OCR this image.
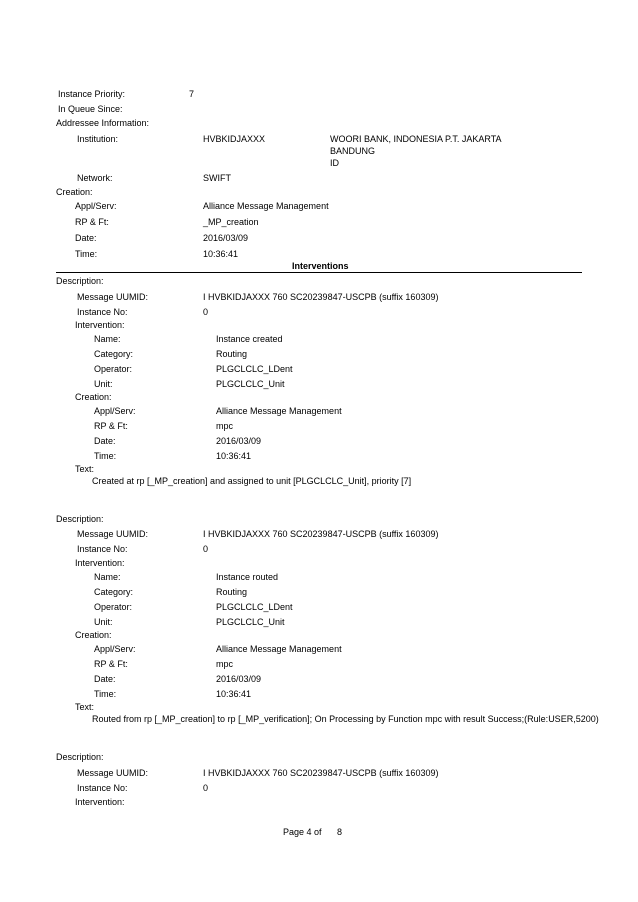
Instance Priority:	7
In Queue Since:
Addressee Information:
Institution:	HVBKIDJAXXX	WOORI BANK, INDONESIA P.T. JAKARTA
BANDUNG
ID
Network:	SWIFT
Creation:
Appl/Serv:	Alliance Message Management
RP & Ft:	_MP_creation
Date:	2016/03/09
Time:	10:36:41
Interventions
Description:
Message UUMID:	I HVBKIDJAXXX 760 SC20239847-USCPB (suffix 160309)
Instance No:	0
Intervention:
Name:	Instance created
Category:	Routing
Operator:	PLGCLCLC_LDent
Unit:	PLGCLCLC_Unit
Creation:
Appl/Serv:	Alliance Message Management
RP & Ft:	mpc
Date:	2016/03/09
Time:	10:36:41
Text:
Created at rp [_MP_creation] and assigned to unit [PLGCLCLC_Unit], priority [7]
Description:
Message UUMID:	I HVBKIDJAXXX 760 SC20239847-USCPB (suffix 160309)
Instance No:	0
Intervention:
Name:	Instance routed
Category:	Routing
Operator:	PLGCLCLC_LDent
Unit:	PLGCLCLC_Unit
Creation:
Appl/Serv:	Alliance Message Management
RP & Ft:	mpc
Date:	2016/03/09
Time:	10:36:41
Text:
Routed from rp [_MP_creation] to rp [_MP_verification]; On Processing by Function mpc with result Success;(Rule:USER,5200)
Description:
Message UUMID:	I HVBKIDJAXXX 760 SC20239847-USCPB (suffix 160309)
Instance No:	0
Intervention:
Page 4 of 8
